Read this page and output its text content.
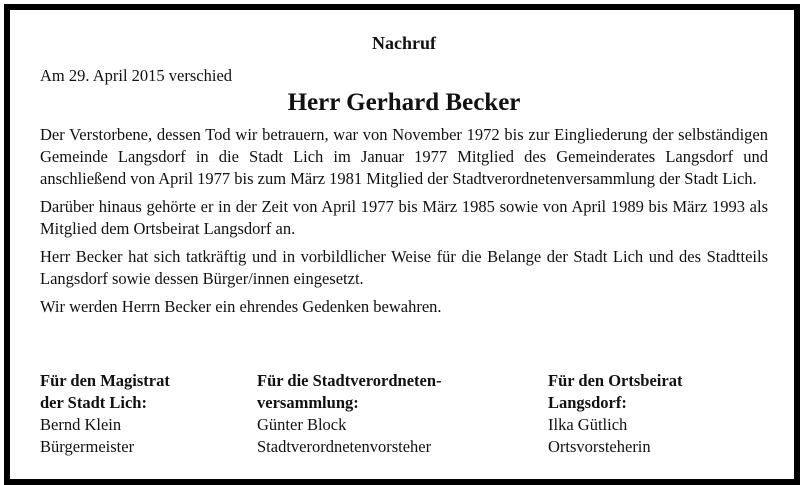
Nachruf

Am 29. April 2015 verschied

Herr Gerhard Becker

Der Verstorbene, dessen Tod wir betrauern, war von November 1972 bis zur Eingliederung der selbständigen Gemeinde Langsdorf in die Stadt Lich im Januar 1977 Mitglied des Gemeinderates Langsdorf und anschließend von April 1977 bis zum März 1981 Mitglied der Stadtverordnetenversammlung der Stadt Lich.

Darüber hinaus gehörte er in der Zeit von April 1977 bis März 1985 sowie von April 1989 bis März 1993 als Mitglied dem Ortsbeirat Langsdorf an.

Herr Becker hat sich tatkräftig und in vorbildlicher Weise für die Belange der Stadt Lich und des Stadtteils Langsdorf sowie dessen Bürger/innen eingesetzt.

Wir werden Herrn Becker ein ehrendes Gedenken bewahren.

Für den Magistrat
der Stadt Lich:
Bernd Klein
Bürgermeister
Für die Stadtverordneten-
versammlung:
Günter Block
Stadtverordnetenvorsteher
Für den Ortsbeirat
Langsdorf:
Ilka Gütlich
Ortsvorsteherin
